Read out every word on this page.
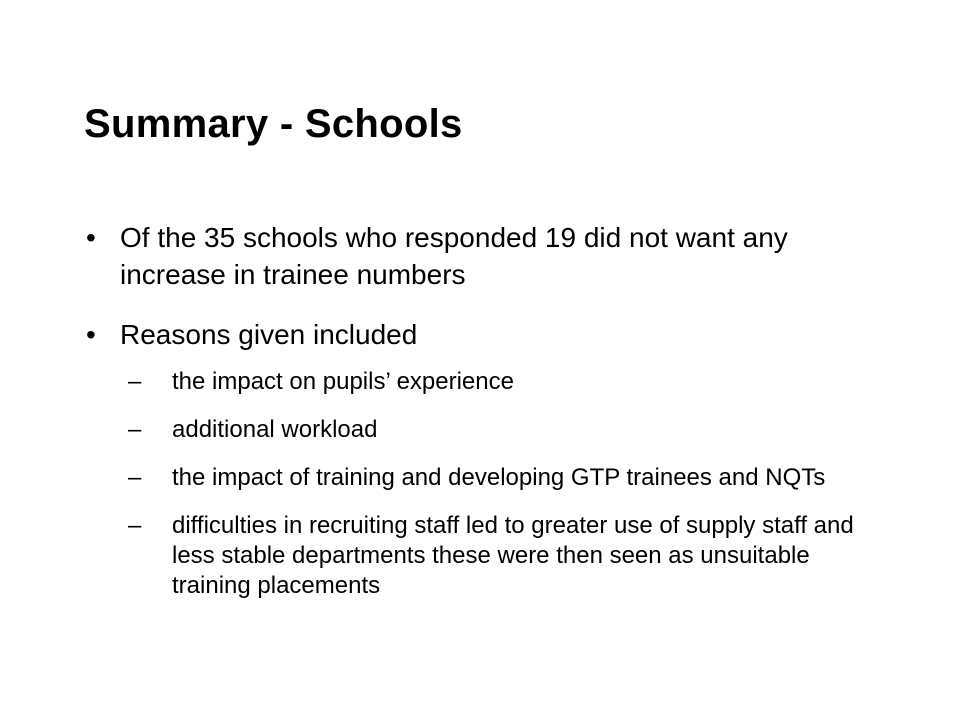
Summary - Schools
• Of the 35 schools who responded 19 did not want any increase in trainee numbers
• Reasons given included
– the impact on pupils’ experience
– additional workload
– the impact of training and developing GTP trainees and NQTs
– difficulties in recruiting staff led to greater use of supply staff and less stable departments these were then seen as unsuitable training placements
